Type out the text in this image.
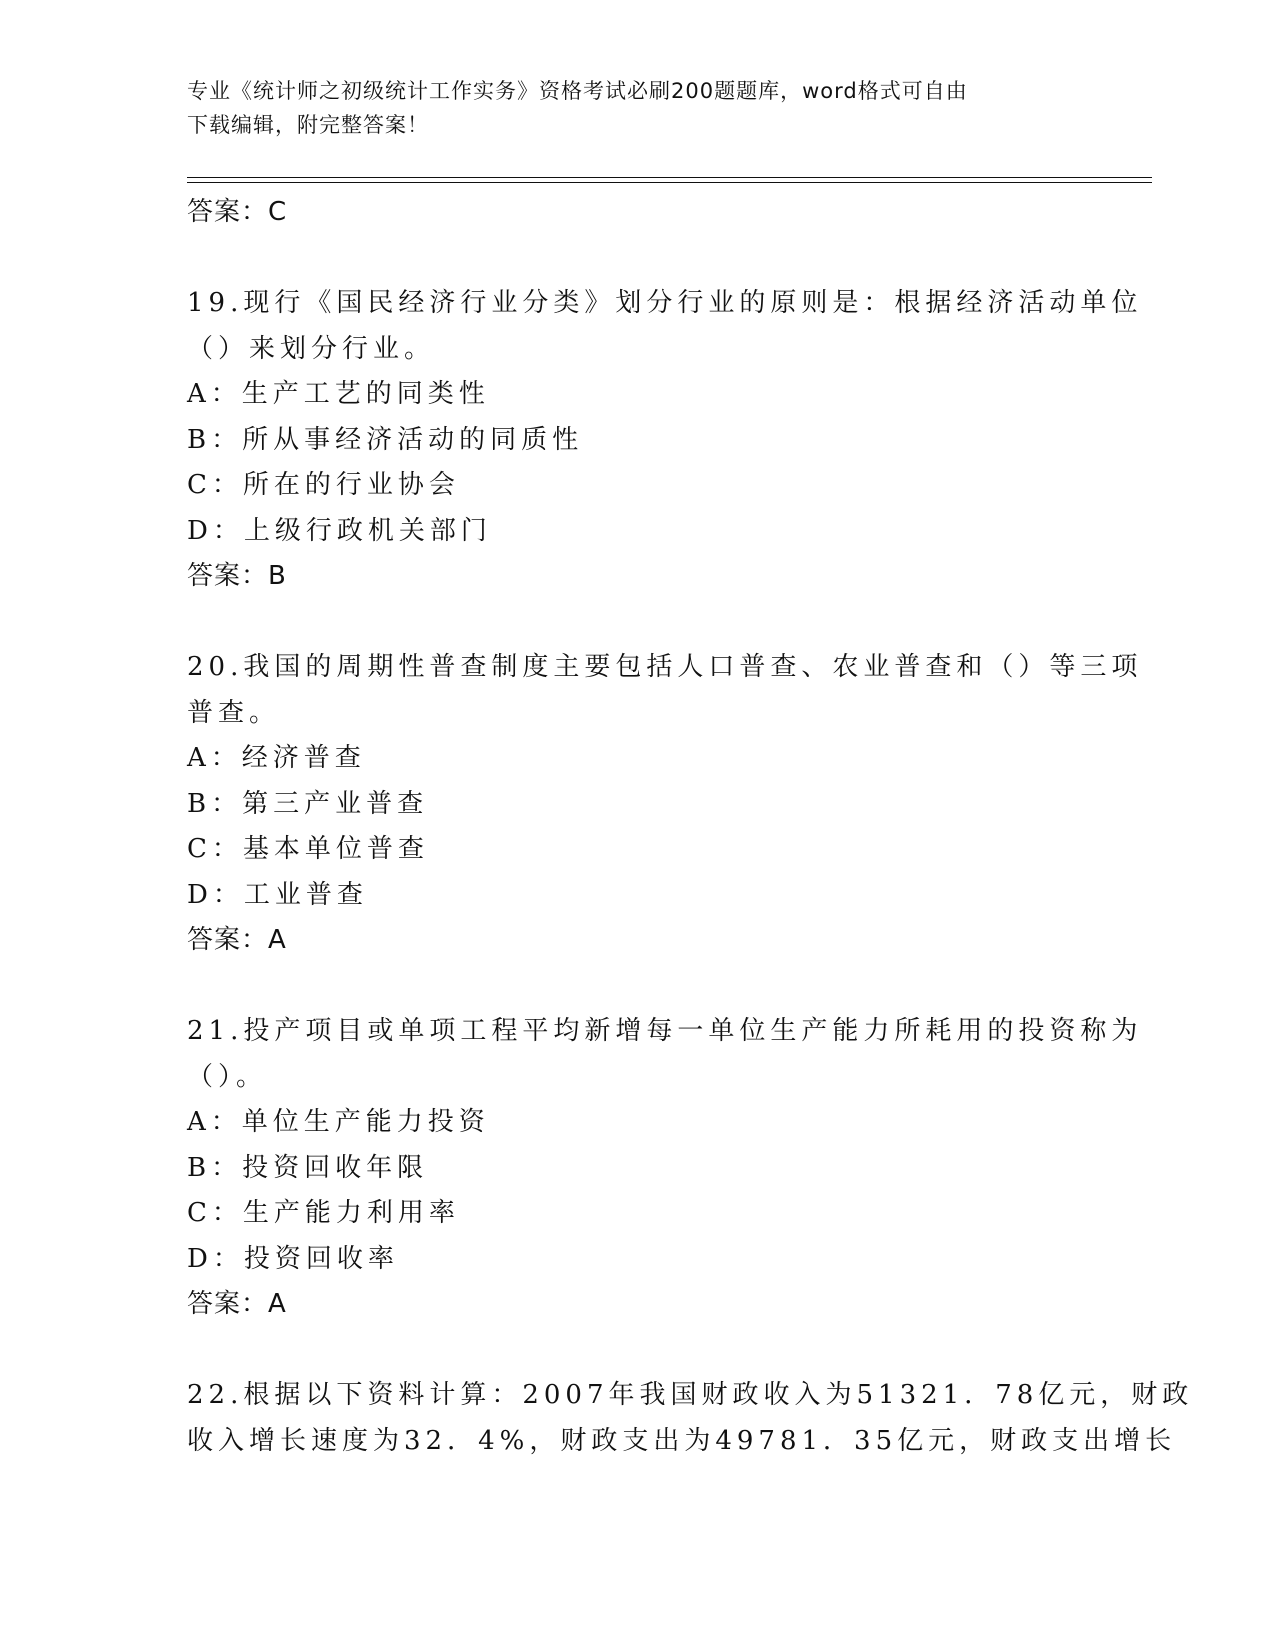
专业《统计师之初级统计工作实务》资格考试必刷200题题库，word格式可自由
下载编辑，附完整答案！
答案：C
19.现行《国民经济行业分类》划分行业的原则是：根据经济活动单位
（）来划分行业。
A：生产工艺的同类性
B：所从事经济活动的同质性
C：所在的行业协会
D：上级行政机关部门
答案：B
20.我国的周期性普查制度主要包括人口普查、农业普查和（）等三项
普查。
A：经济普查
B：第三产业普查
C：基本单位普查
D：工业普查
答案：A
21.投产项目或单项工程平均新增每一单位生产能力所耗用的投资称为
（）。
A：单位生产能力投资
B：投资回收年限
C：生产能力利用率
D：投资回收率
答案：A
22.根据以下资料计算：2007年我国财政收入为51321．78亿元，财政
收入增长速度为32．4%，财政支出为49781．35亿元，财政支出增长
